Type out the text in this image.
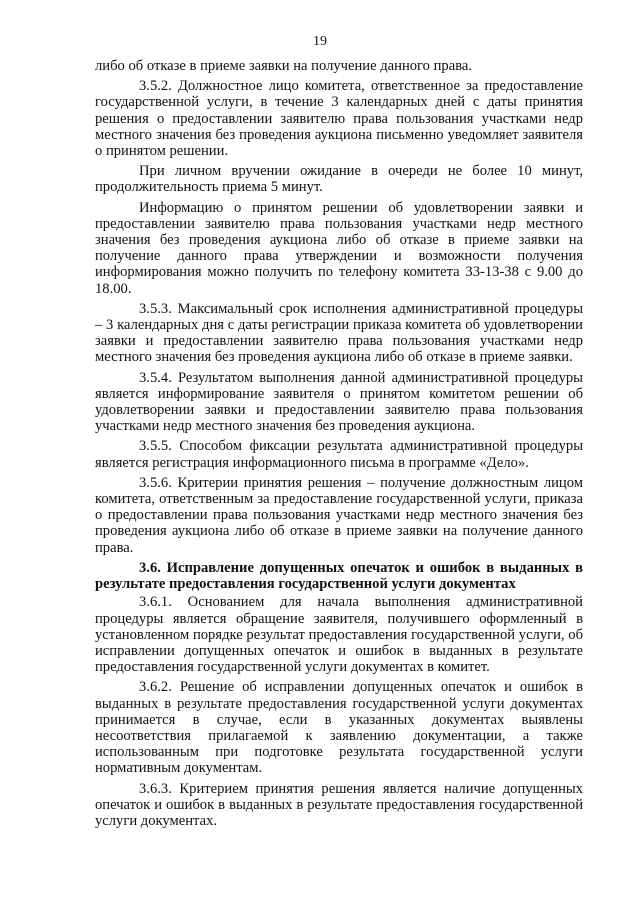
19

либо об отказе в приеме заявки на получение данного права.

3.5.2. Должностное лицо комитета, ответственное за предоставление государственной услуги, в течение 3 календарных дней с даты принятия решения о предоставлении заявителю права пользования участками недр местного значения без проведения аукциона письменно уведомляет заявителя о принятом решении.

При личном вручении ожидание в очереди не более 10 минут, продолжительность приема 5 минут.

Информацию о принятом решении об удовлетворении заявки и предоставлении заявителю права пользования участками недр местного значения без проведения аукциона либо об отказе в приеме заявки на получение данного права утверждении и возможности получения информирования можно получить по телефону комитета 33-13-38 с 9.00 до 18.00.

3.5.3. Максимальный срок исполнения административной процедуры – 3 календарных дня с даты регистрации приказа комитета об удовлетворении заявки и предоставлении заявителю права пользования участками недр местного значения без проведения аукциона либо об отказе в приеме заявки.

3.5.4. Результатом выполнения данной административной процедуры является информирование заявителя о принятом комитетом решении об удовлетворении заявки и предоставлении заявителю права пользования участками недр местного значения без проведения аукциона.

3.5.5. Способом фиксации результата административной процедуры является регистрация информационного письма в программе «Дело».

3.5.6. Критерии принятия решения – получение должностным лицом комитета, ответственным за предоставление государственной услуги, приказа о предоставлении права пользования участками недр местного значения без проведения аукциона либо об отказе в приеме заявки на получение данного права.

3.6. Исправление допущенных опечаток и ошибок в выданных в результате предоставления государственной услуги документах

3.6.1. Основанием для начала выполнения административной процедуры является обращение заявителя, получившего оформленный в установленном порядке результат предоставления государственной услуги, об исправлении допущенных опечаток и ошибок в выданных в результате предоставления государственной услуги документах в комитет.

3.6.2. Решение об исправлении допущенных опечаток и ошибок в выданных в результате предоставления государственной услуги документах принимается в случае, если в указанных документах выявлены несоответствия прилагаемой к заявлению документации, а также использованным при подготовке результата государственной услуги нормативным документам.

3.6.3. Критерием принятия решения является наличие допущенных опечаток и ошибок в выданных в результате предоставления государственной услуги документах.
